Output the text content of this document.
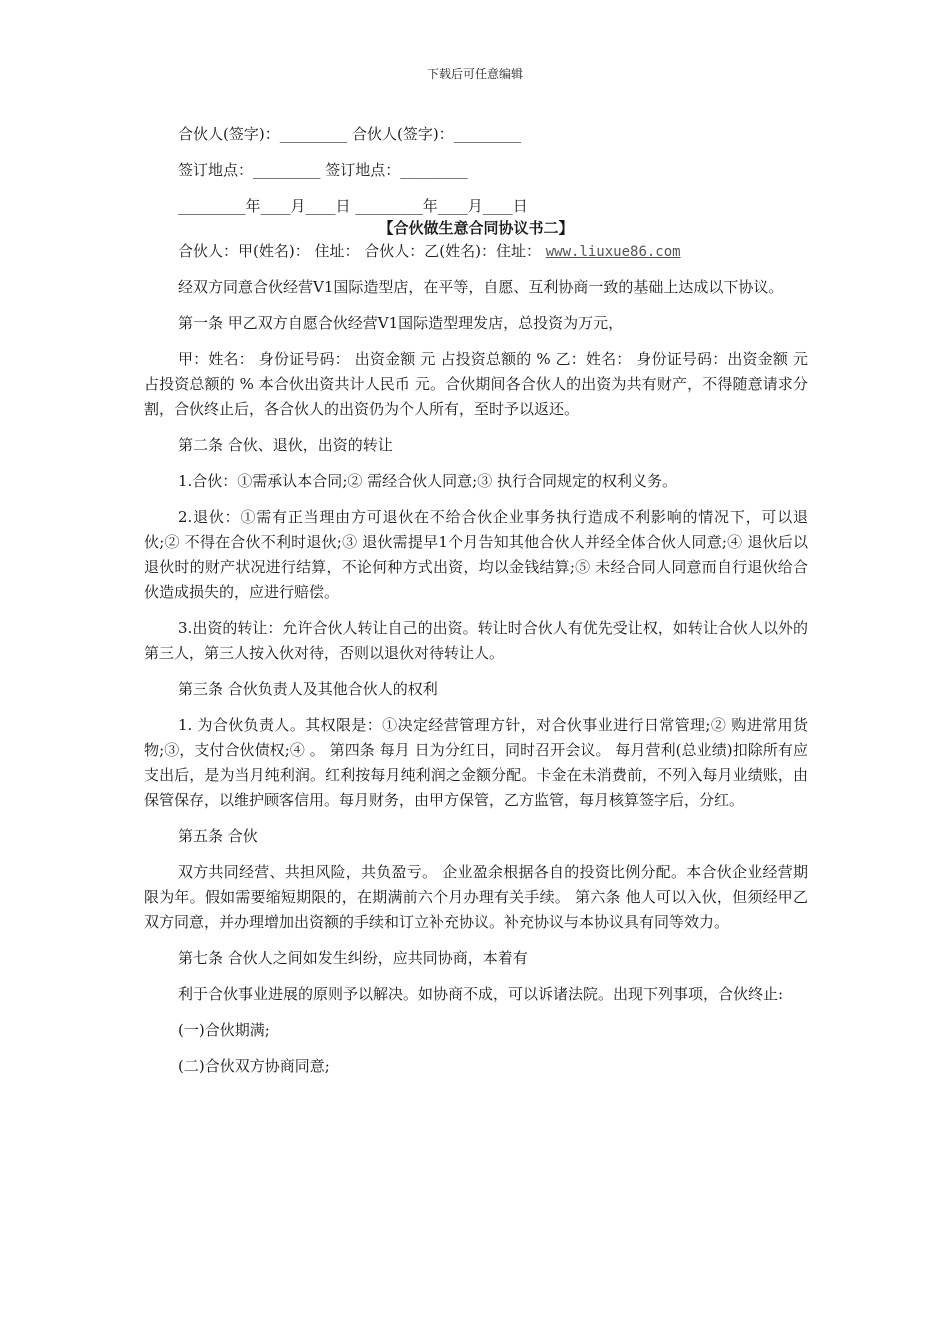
下载后可任意编辑
合伙人(签字)：_________ 合伙人(签字)：_________
签订地点：_________ 签订地点：_________
_________年____月____日 _________年____月____日
【合伙做生意合同协议书二】
合伙人：甲(姓名)： 住址： 合伙人：乙(姓名)：住址： www.liuxue86.com

经双方同意合伙经营V1国际造型店，在平等，自愿、互利协商一致的基础上达成以下协议。

第一条 甲乙双方自愿合伙经营V1国际造型理发店，总投资为万元，

甲：姓名： 身份证号码： 出资金额 元 占投资总额的 % 乙：姓名： 身份证号码：出资金额 元 占投资总额的 % 本合伙出资共计人民币 元。合伙期间各合伙人的出资为共有财产，不得随意请求分割，合伙终止后，各合伙人的出资仍为个人所有，至时予以返还。

第二条 合伙、退伙，出资的转让

1.合伙：①需承认本合同;② 需经合伙人同意;③ 执行合同规定的权利义务。

2.退伙：①需有正当理由方可退伙在不给合伙企业事务执行造成不利影响的情况下，可以退伙;② 不得在合伙不利时退伙;③ 退伙需提早1个月告知其他合伙人并经全体合伙人同意;④ 退伙后以退伙时的财产状况进行结算，不论何种方式出资，均以金钱结算;⑤ 未经合同人同意而自行退伙给合伙造成损失的，应进行赔偿。

3.出资的转让：允许合伙人转让自己的出资。转让时合伙人有优先受让权，如转让合伙人以外的第三人，第三人按入伙对待，否则以退伙对待转让人。

第三条 合伙负责人及其他合伙人的权利

1. 为合伙负责人。其权限是：①决定经营管理方针，对合伙事业进行日常管理;② 购进常用货物;③，支付合伙债权;④ 。 第四条 每月 日为分红日，同时召开会议。 每月营利(总业绩)扣除所有应支出后，是为当月纯利润。红利按每月纯利润之金额分配。卡金在未消费前，不列入每月业绩账，由保管保存，以维护顾客信用。每月财务，由甲方保管，乙方监管，每月核算签字后，分红。

第五条 合伙

双方共同经营、共担风险，共负盈亏。 企业盈余根据各自的投资比例分配。本合伙企业经营期限为年。假如需要缩短期限的，在期满前六个月办理有关手续。 第六条 他人可以入伙，但须经甲乙双方同意，并办理增加出资额的手续和订立补充协议。补充协议与本协议具有同等效力。

第七条 合伙人之间如发生纠纷，应共同协商，本着有

利于合伙事业进展的原则予以解决。如协商不成，可以诉诸法院。出现下列事项，合伙终止:

(一)合伙期满;

(二)合伙双方协商同意;
